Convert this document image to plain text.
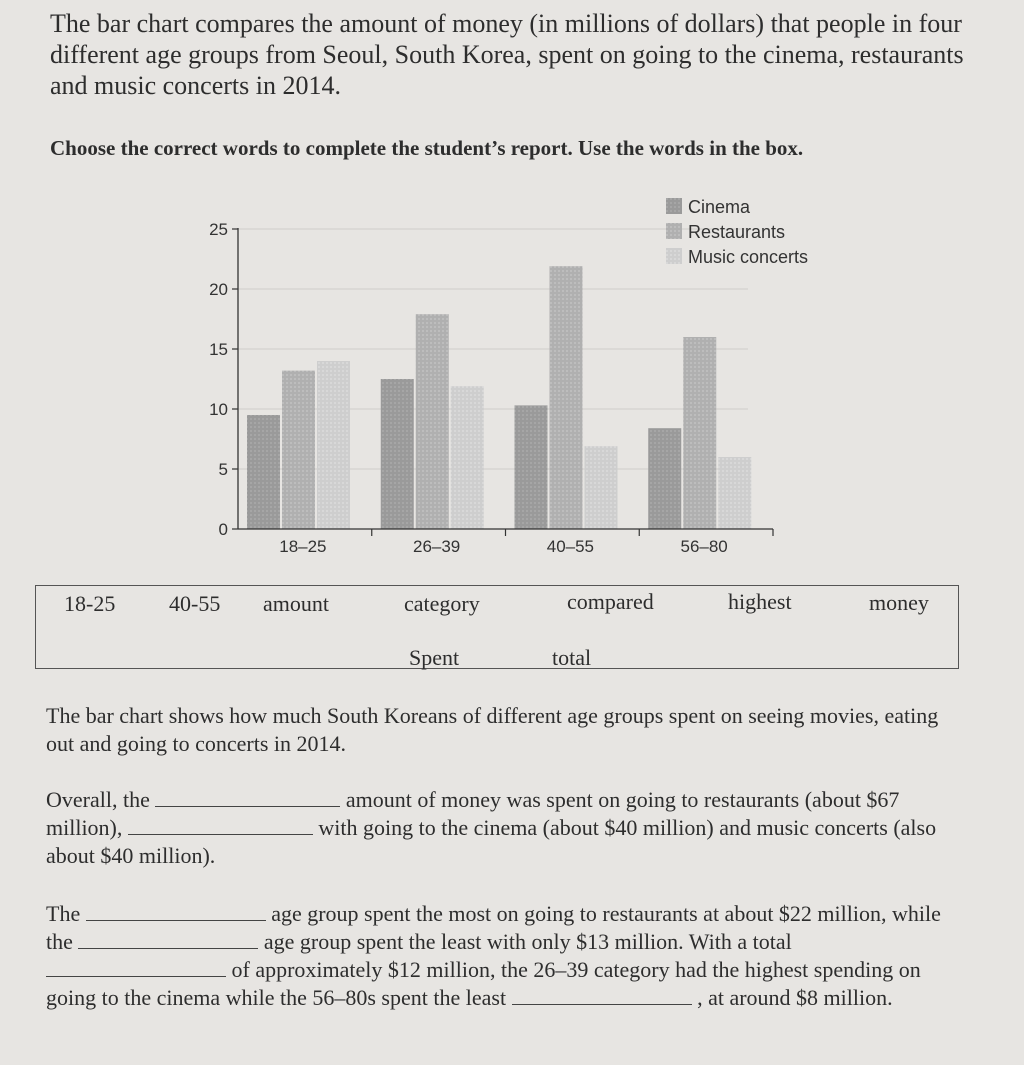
The bar chart compares the amount of money (in millions of dollars) that people in four different age groups from Seoul, South Korea, spent on going to the cinema, restaurants and music concerts in 2014.
Choose the correct words to complete the student’s report. Use the words in the box.
0
5
10
15
20
25
18–25	26–39	40–55	56–80
Cinema
Restaurants
Music concerts
18-25 40-55 amount	category	compared	highest	money
Spent	total
The bar chart shows how much South Koreans of different age groups spent on seeing movies, eating out and going to concerts in 2014.
Overall, the	amount of money was spent on going to restaurants (about $67 million),	with going to the cinema (about $40 million) and music concerts (also about $40 million).
The	age group spent the most on going to restaurants at about $22 million, while the	age group spent the least with only $13 million. With a total  of approximately $12 million, the 26–39 category had the highest spending on going to the cinema while the 56–80s spent the least	, at around $8 million.
